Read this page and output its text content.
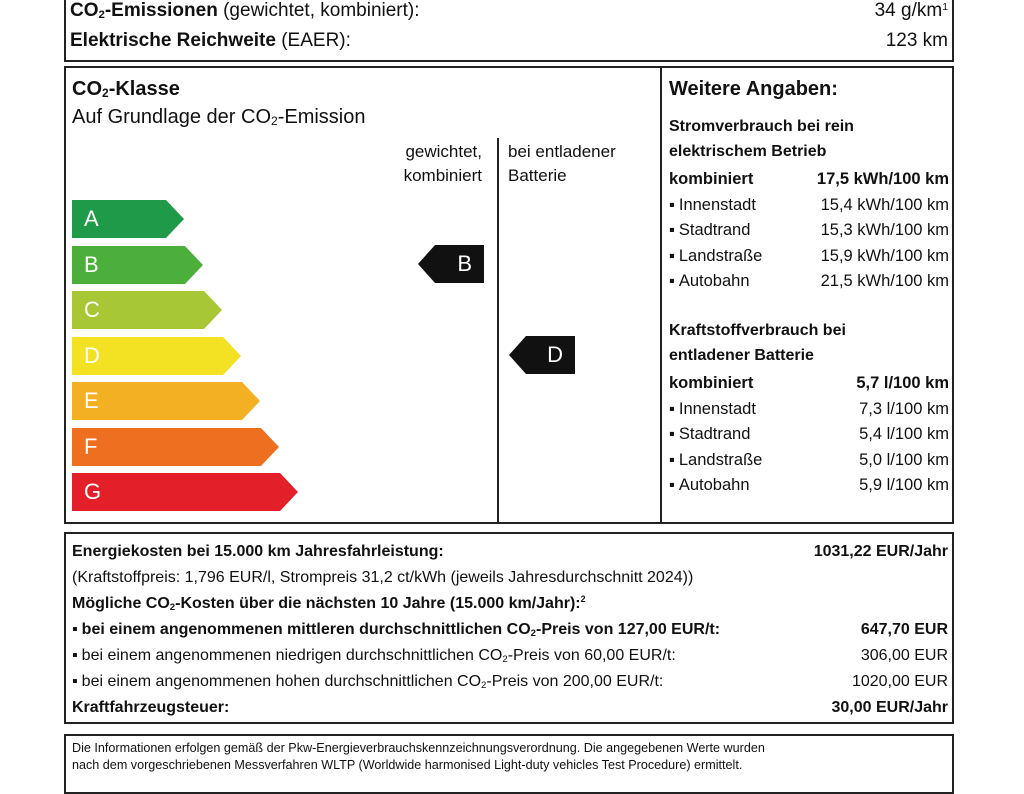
$CO_2$-Emissionen (gewichtet, kombiniert):	34 $g/km^1$
Elektrische Reichweite (EAER):	123 km
$CO_2$-Klasse
Auf Grundlage der $CO_2$-Emission
gewichtet,
kombiniert
bei entladener
Batterie
A
B
C
D
E
F
G
B
D
Weitere Angaben:
Stromverbrauch bei rein
elektrischem Betrieb
kombiniert	17,5 kWh/100 km
▪ Innenstadt	15,4 kWh/100 km
▪ Stadtrand	15,3 kWh/100 km
▪ Landstraße	15,9 kWh/100 km
▪ Autobahn	21,5 kWh/100 km
Kraftstoffverbrauch bei
entladener Batterie
kombiniert	5,7 l/100 km
▪ Innenstadt	7,3 l/100 km
▪ Stadtrand	5,4 l/100 km
▪ Landstraße	5,0 l/100 km
▪ Autobahn	5,9 l/100 km
Energiekosten bei 15.000 km Jahresfahrleistung:	1031,22 EUR/Jahr
(Kraftstoffpreis: 1,796 EUR/l, Strompreis 31,2 ct/kWh (jeweils Jahresdurchschnitt 2024))
Mögliche $CO_2$-Kosten über die nächsten 10 Jahre (15.000 km/Jahr):$^2$
▪ bei einem angenommenen mittleren durchschnittlichen $CO_2$-Preis von 127,00 EUR/t:	647,70 EUR
▪ bei einem angenommenen niedrigen durchschnittlichen $CO_2$-Preis von 60,00 EUR/t:	306,00 EUR
▪ bei einem angenommenen hohen durchschnittlichen $CO_2$-Preis von 200,00 EUR/t:	1020,00 EUR
Kraftfahrzeugsteuer:	30,00 EUR/Jahr
Die Informationen erfolgen gemäß der Pkw-Energieverbrauchskennzeichnungsverordnung. Die angegebenen Werte wurden
nach dem vorgeschriebenen Messverfahren WLTP (Worldwide harmonised Light-duty vehicles Test Procedure) ermittelt.
